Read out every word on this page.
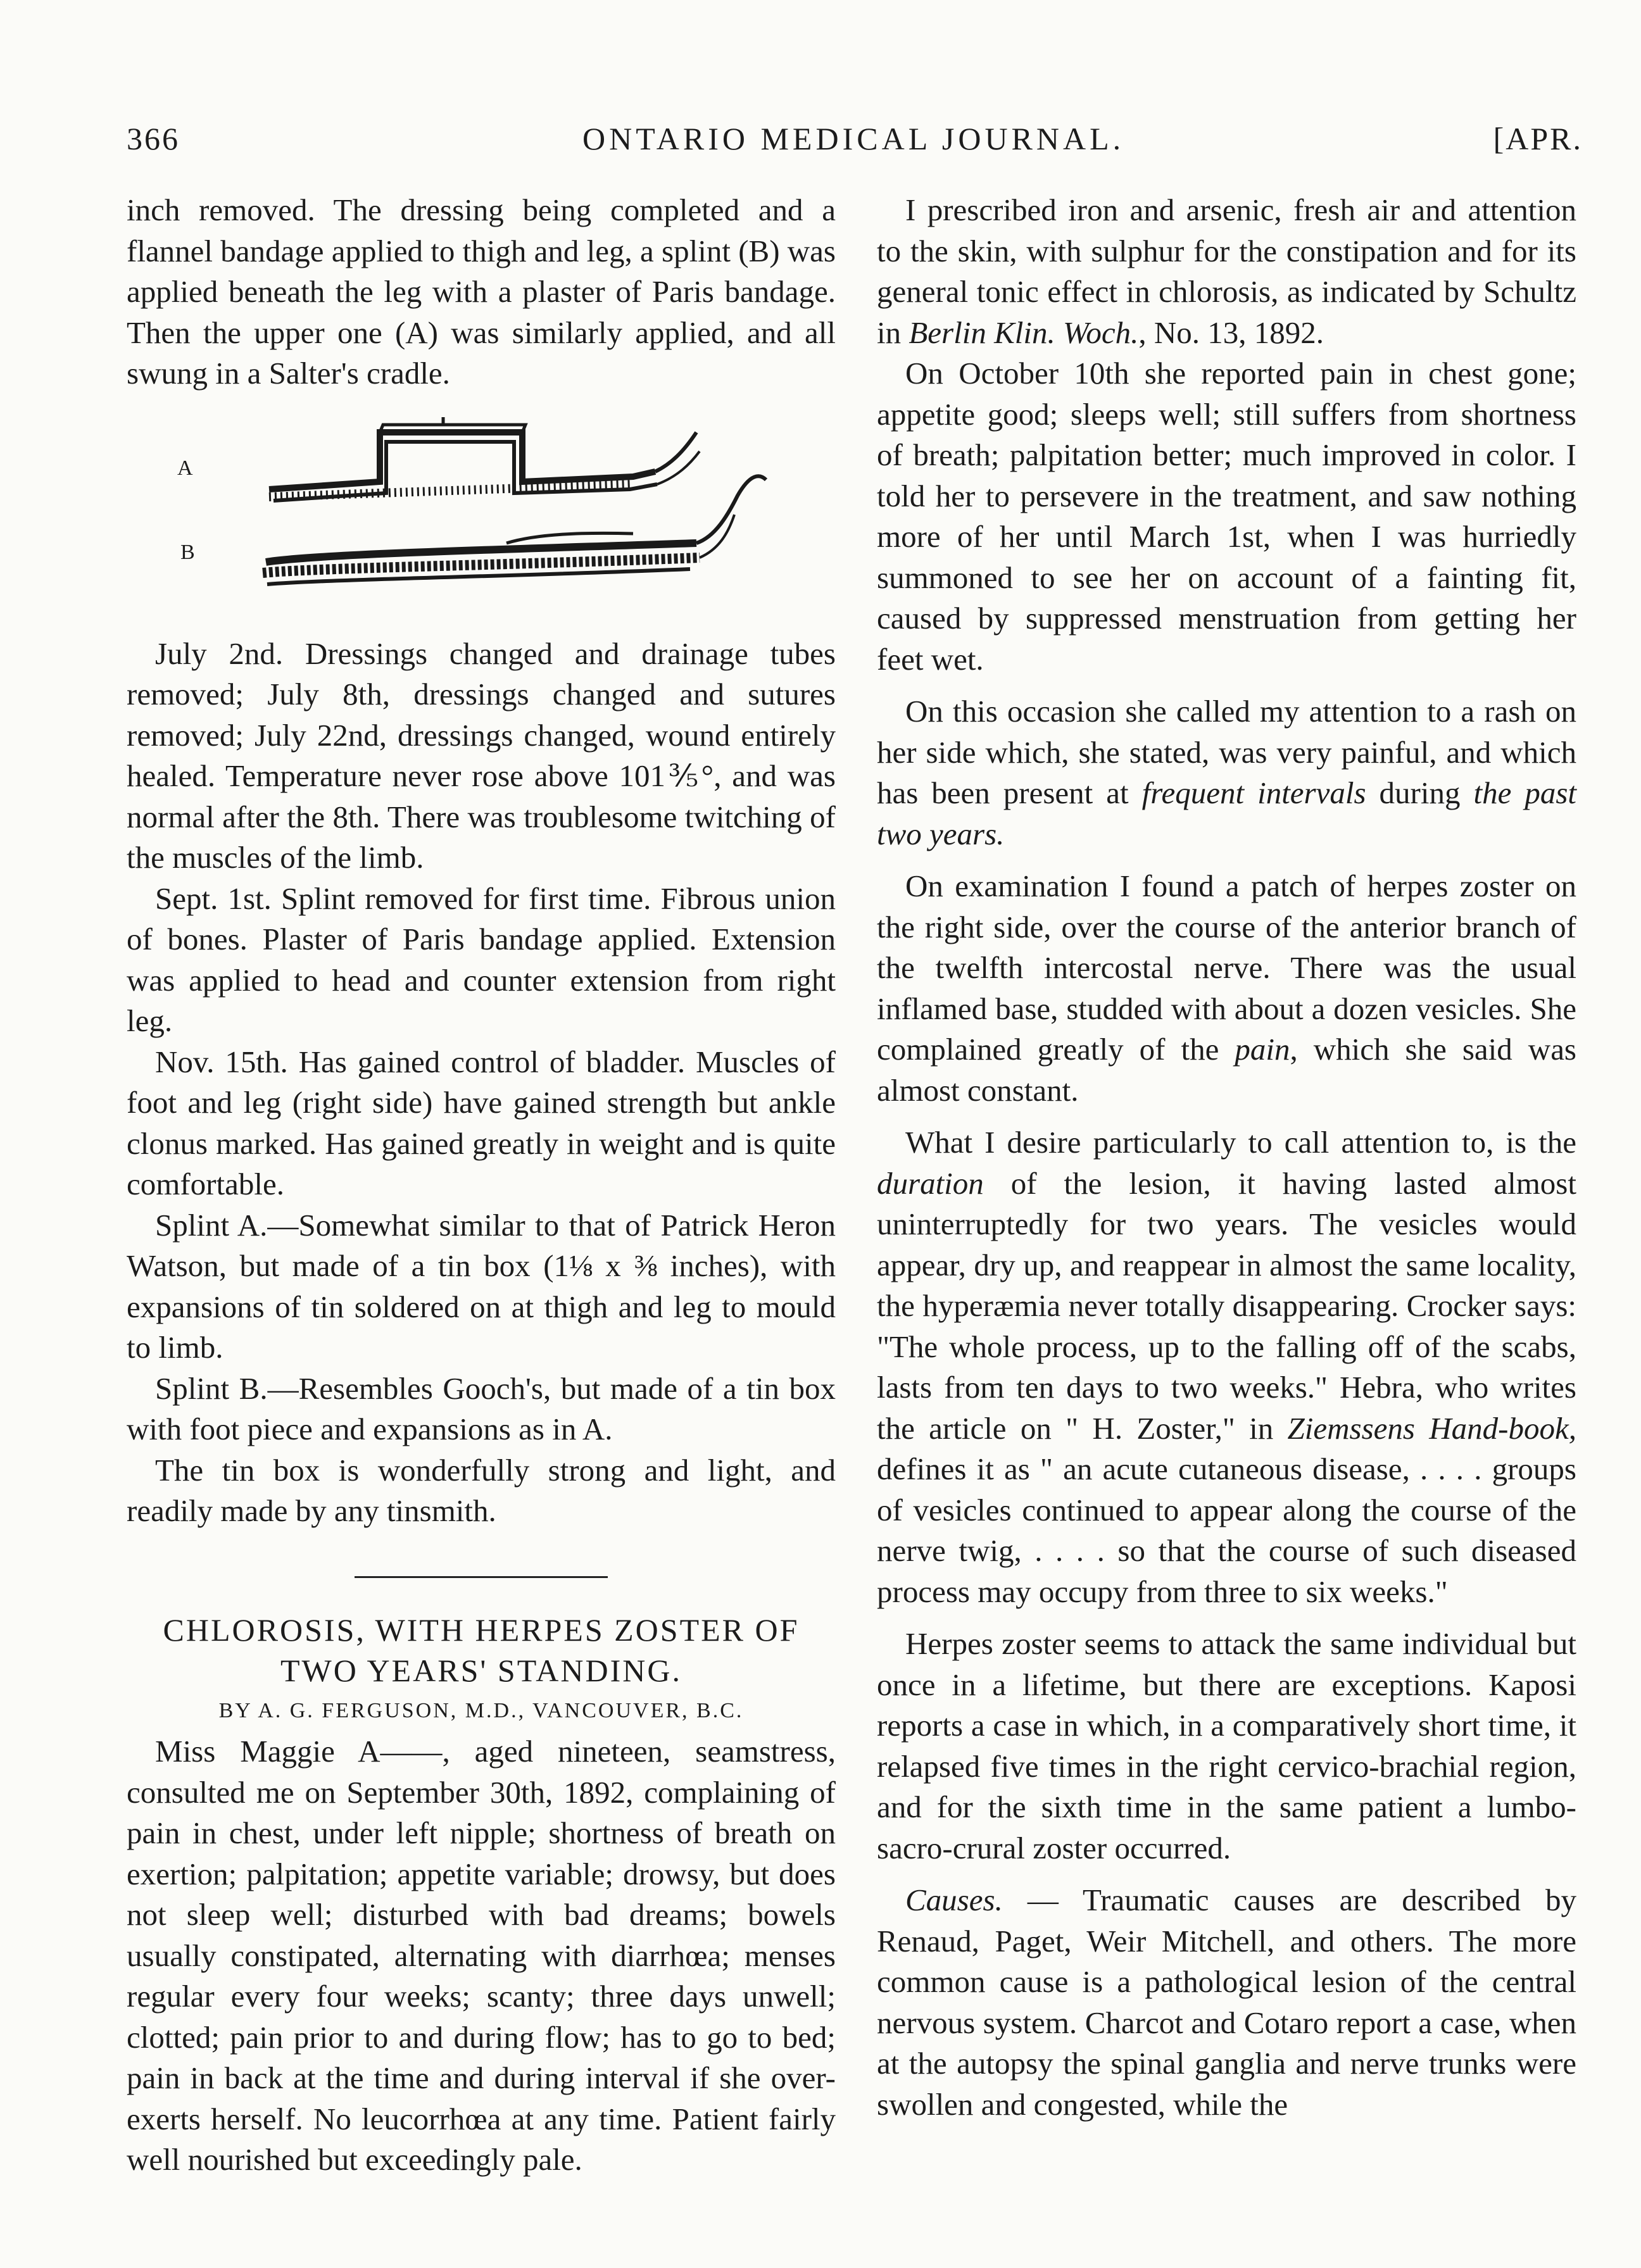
366	ONTARIO MEDICAL JOURNAL.	[APR.

inch removed. The dressing being completed and a flannel bandage applied to thigh and leg, a splint (B) was applied beneath the leg with a plaster of Paris bandage. Then the upper one (A) was similarly applied, and all swung in a Salter's cradle.

A
B

July 2nd. Dressings changed and drainage tubes removed; July 8th, dressings changed and sutures removed; July 22nd, dressings changed, wound entirely healed. Temperature never rose above 101⅗°, and was normal after the 8th. There was troublesome twitching of the muscles of the limb.

Sept. 1st. Splint removed for first time. Fibrous union of bones. Plaster of Paris bandage applied. Extension was applied to head and counter extension from right leg.

Nov. 15th. Has gained control of bladder. Muscles of foot and leg (right side) have gained strength but ankle clonus marked. Has gained greatly in weight and is quite comfortable.

Splint A.—Somewhat similar to that of Patrick Heron Watson, but made of a tin box (1⅛ x ⅜ inches), with expansions of tin soldered on at thigh and leg to mould to limb.

Splint B.—Resembles Gooch's, but made of a tin box with foot piece and expansions as in A.

The tin box is wonderfully strong and light, and readily made by any tinsmith.

CHLOROSIS, WITH HERPES ZOSTER OF

TWO YEARS' STANDING.

BY A. G. FERGUSON, M.D., VANCOUVER, B.C.

Miss Maggie A——, aged nineteen, seamstress, consulted me on September 30th, 1892, complaining of pain in chest, under left nipple; shortness of breath on exertion; palpitation; appetite variable; drowsy, but does not sleep well; disturbed with bad dreams; bowels usually constipated, alternating with diarrhœa; menses regular every four weeks; scanty; three days unwell; clotted; pain prior to and during flow; has to go to bed; pain in back at the time and during interval if she over-exerts herself. No leucorrhœa at any time. Patient fairly well nourished but exceedingly pale.

I prescribed iron and arsenic, fresh air and attention to the skin, with sulphur for the constipation and for its general tonic effect in chlorosis, as indicated by Schultz in Berlin Klin. Woch., No. 13, 1892.

On October 10th she reported pain in chest gone; appetite good; sleeps well; still suffers from shortness of breath; palpitation better; much improved in color. I told her to persevere in the treatment, and saw nothing more of her until March 1st, when I was hurriedly summoned to see her on account of a fainting fit, caused by suppressed menstruation from getting her feet wet.

On this occasion she called my attention to a rash on her side which, she stated, was very painful, and which has been present at frequent intervals during the past two years.

On examination I found a patch of herpes zoster on the right side, over the course of the anterior branch of the twelfth intercostal nerve. There was the usual inflamed base, studded with about a dozen vesicles. She complained greatly of the pain, which she said was almost constant.

What I desire particularly to call attention to, is the duration of the lesion, it having lasted almost uninterruptedly for two years. The vesicles would appear, dry up, and reappear in almost the same locality, the hyperæmia never totally disappearing. Crocker says: "The whole process, up to the falling off of the scabs, lasts from ten days to two weeks." Hebra, who writes the article on " H. Zoster," in Ziemssens Hand-book, defines it as " an acute cutaneous disease, . . . . groups of vesicles continued to appear along the course of the nerve twig, . . . . so that the course of such diseased process may occupy from three to six weeks."

Herpes zoster seems to attack the same individual but once in a lifetime, but there are exceptions. Kaposi reports a case in which, in a comparatively short time, it relapsed five times in the right cervico-brachial region, and for the sixth time in the same patient a lumbo-sacro-crural zoster occurred.

Causes. — Traumatic causes are described by Renaud, Paget, Weir Mitchell, and others. The more common cause is a pathological lesion of the central nervous system. Charcot and Cotaro report a case, when at the autopsy the spinal ganglia and nerve trunks were swollen and congested, while the
